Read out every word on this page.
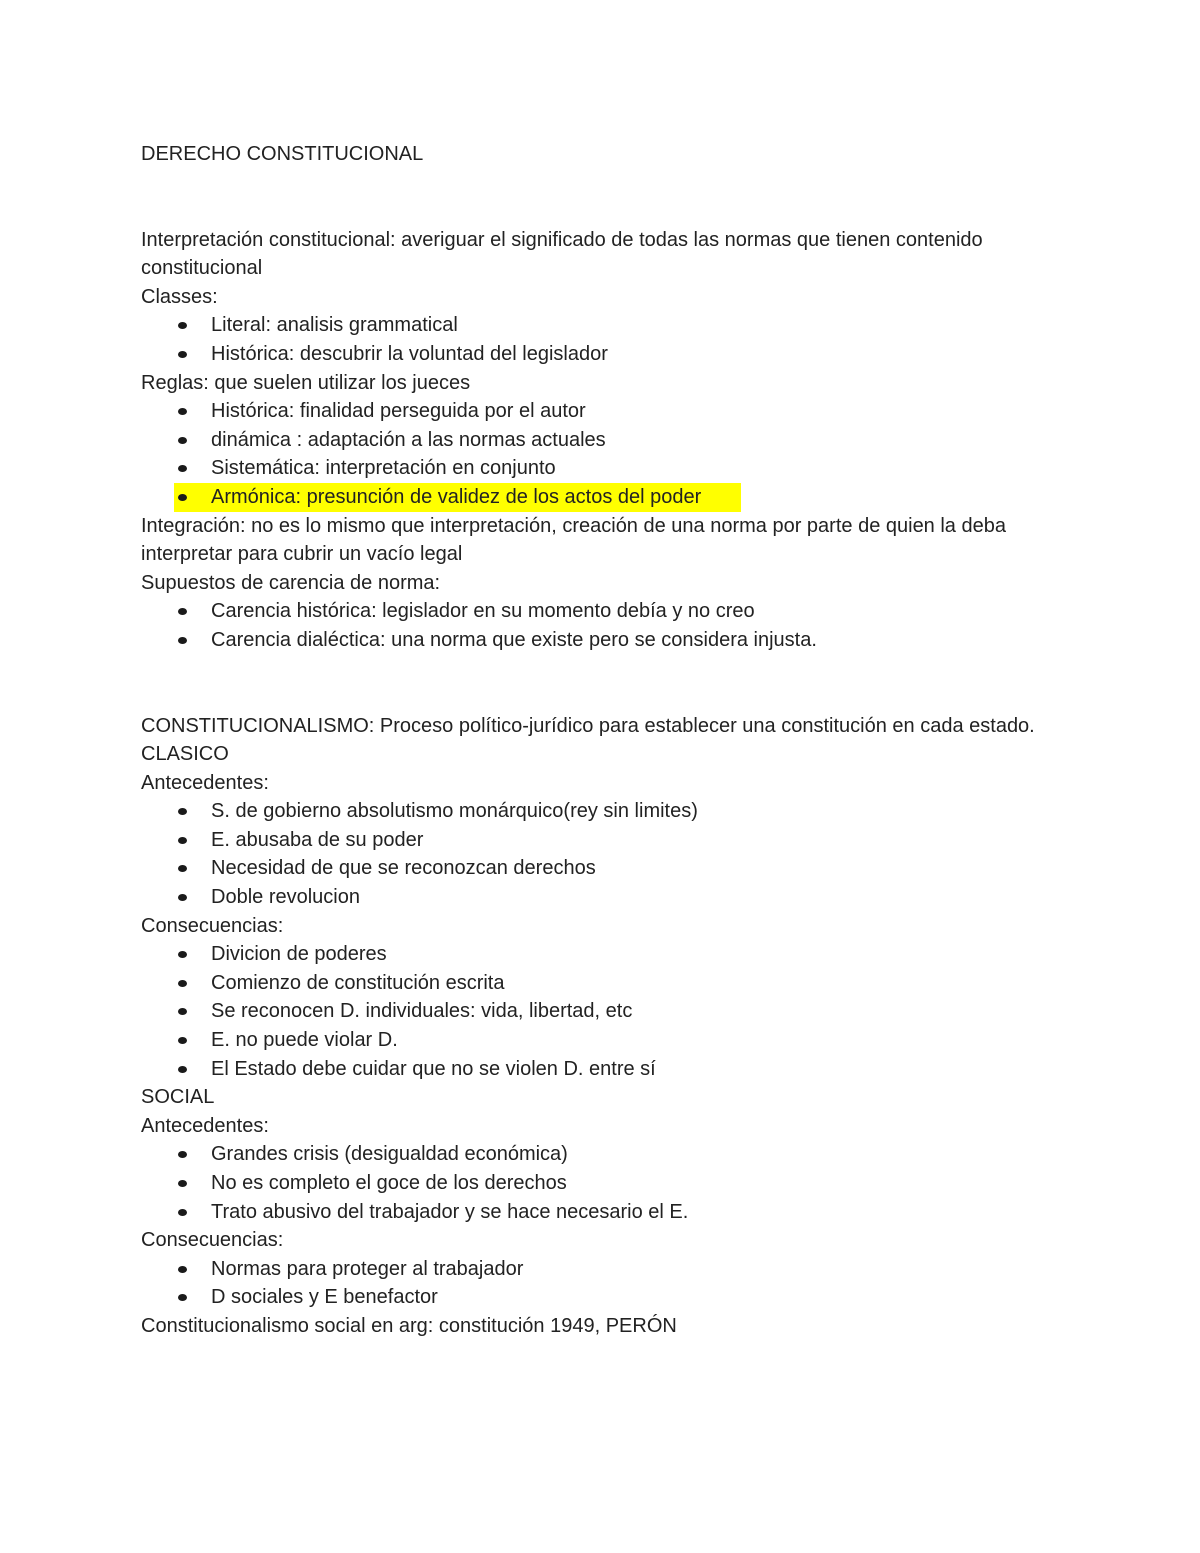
DERECHO CONSTITUCIONAL

Interpretación constitucional: averiguar el significado de todas las normas que tienen contenido constitucional

Classes:

Literal: analisis grammatical
Histórica: descubrir la voluntad del legislador

Reglas: que suelen utilizar los jueces

Histórica: finalidad perseguida por el autor
dinámica : adaptación a las normas actuales
Sistemática: interpretación en conjunto
Armónica: presunción de validez de los actos del poder

Integración: no es lo mismo que interpretación, creación de una norma por parte de quien la deba interpretar para cubrir un vacío legal

Supuestos de carencia de norma:

Carencia histórica: legislador en su momento debía y no creo
Carencia dialéctica: una norma que existe pero se considera injusta.

CONSTITUCIONALISMO: Proceso político-jurídico para establecer una constitución en cada estado.

CLASICO

Antecedentes:

S. de gobierno absolutismo monárquico(rey sin limites)
E. abusaba de su poder
Necesidad de que se reconozcan derechos
Doble revolucion

Consecuencias:

Divicion de poderes
Comienzo de constitución escrita
Se reconocen D. individuales: vida, libertad, etc
E. no puede violar D.
El Estado debe cuidar que no se violen D. entre sí

SOCIAL

Antecedentes:

Grandes crisis (desigualdad económica)
No es completo el goce de los derechos
Trato abusivo del trabajador y se hace necesario el E.

Consecuencias:

Normas para proteger al trabajador
D sociales y E benefactor

Constitucionalismo social en arg: constitución 1949, PERÓN
